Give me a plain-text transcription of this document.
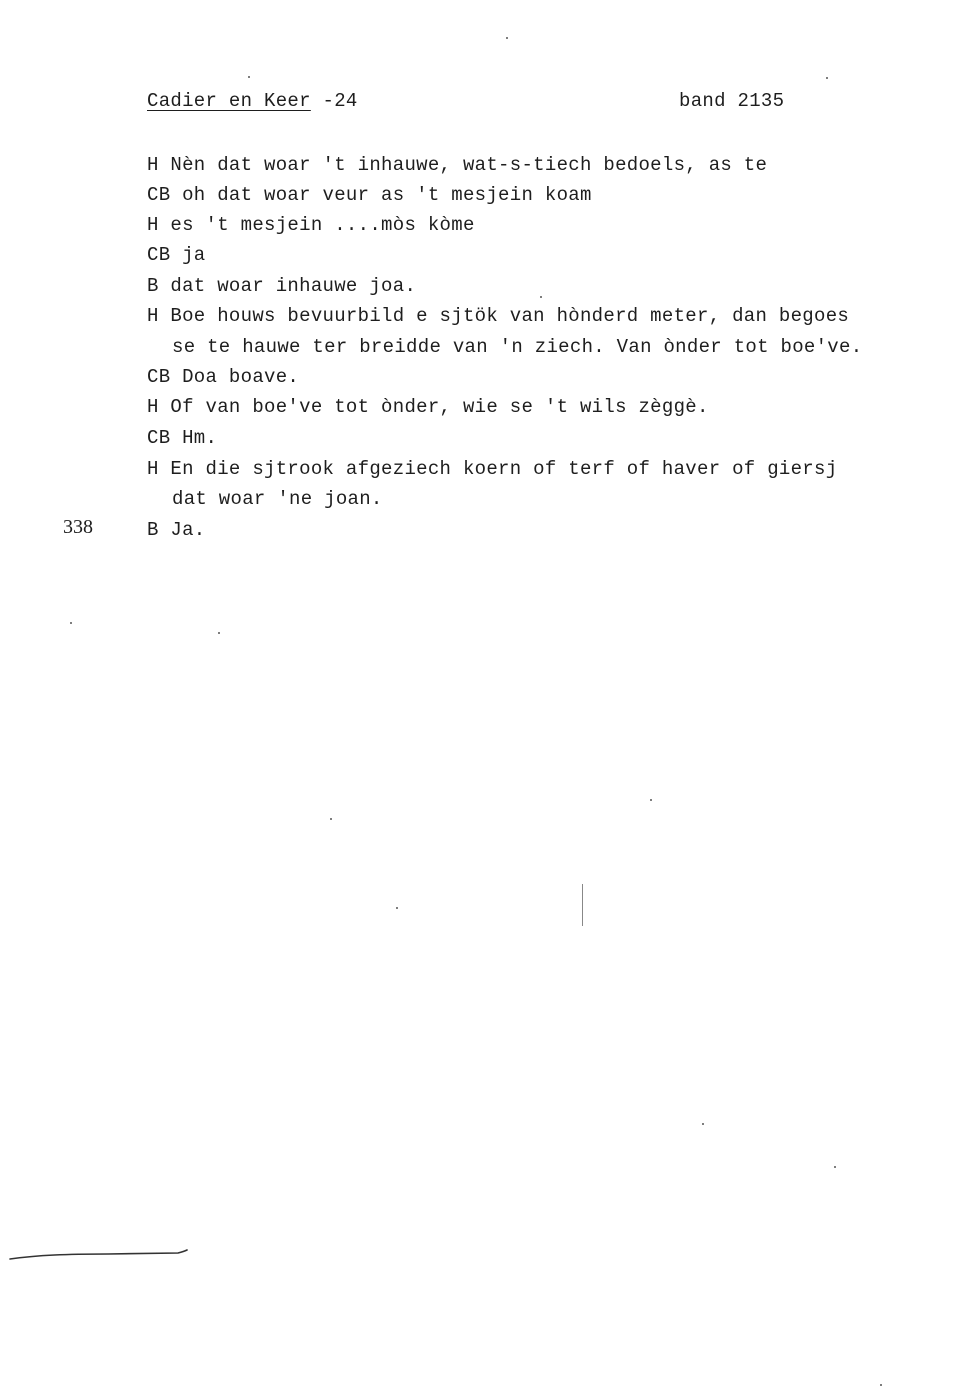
Cadier en Keer -24	band 2135
H Nèn dat woar 't inhauwe, wat-s-tiech bedoels, as te
CB oh dat woar veur as 't mesjein koam
H es 't mesjein ....mòs kòme
CB ja
B dat woar inhauwe joa.
H Boe houws bevuurbild e sjtök van hònderd meter, dan begoes
se te hauwe ter breidde van 'n ziech. Van ònder tot boe've.
CB Doa boave.
H Of van boe've tot ònder, wie se 't wils zèggè.
CB Hm.
H En die sjtrook afgeziech koern of terf of haver of giersj
dat woar 'ne joan.
B Ja.
338
